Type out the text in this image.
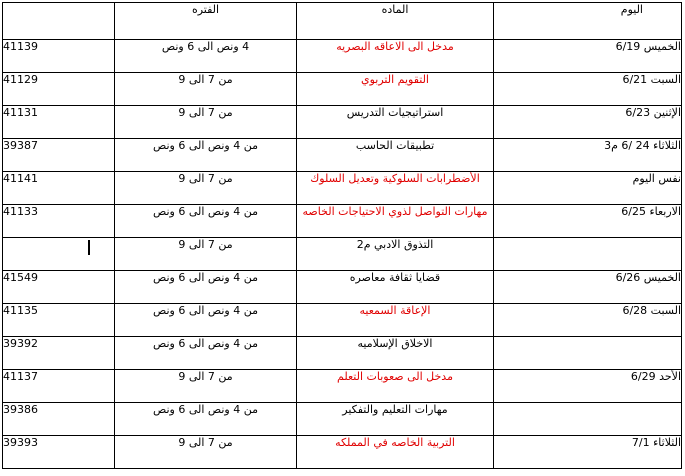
	الفتره	الماده	اليوم
41139	4 ونص الى 6 ونص	مدخل الى الاعاقه البصريه	الخميس 6/19
41129	من 7 الى 9	التقويم التربوي	السبت 6/21
41131	من 7 الى 9	استراتيجيات التدريس	الإثنين 6/23
39387	من 4 ونص الى 6 ونص	تطبيقات الحاسب	الثلاثاء 24 /6 م3
41141	من 7 الى 9	الأضطرابات السلوكية وتعديل السلوك	نفس اليوم
41133	من 4 ونص الى 6 ونص	مهارات التواصل لذوي الاحتياجات الخاصه	الاربعاء 6/25
	من 7 الى 9	التذوق الادبي م2	
41549	من 4 ونص الى 6 ونص	قضايا ثقافة معاصره	الخميس 6/26
41135	من 4 ونص الى 6 ونص	الإعاقة السمعيه	السبت 6/28
39392	من 4 ونص الى 6 ونص	الاخلاق الإسلاميه	
41137	من 7 الى 9	مدخل الى صعوبات التعلم	الأحد 6/29
39386	من 4 ونص الى 6 ونص	مهارات التعليم والتفكير	
39393	من 7 الى 9	التربية الخاصه في المملكه	الثلاثاء 7/1
